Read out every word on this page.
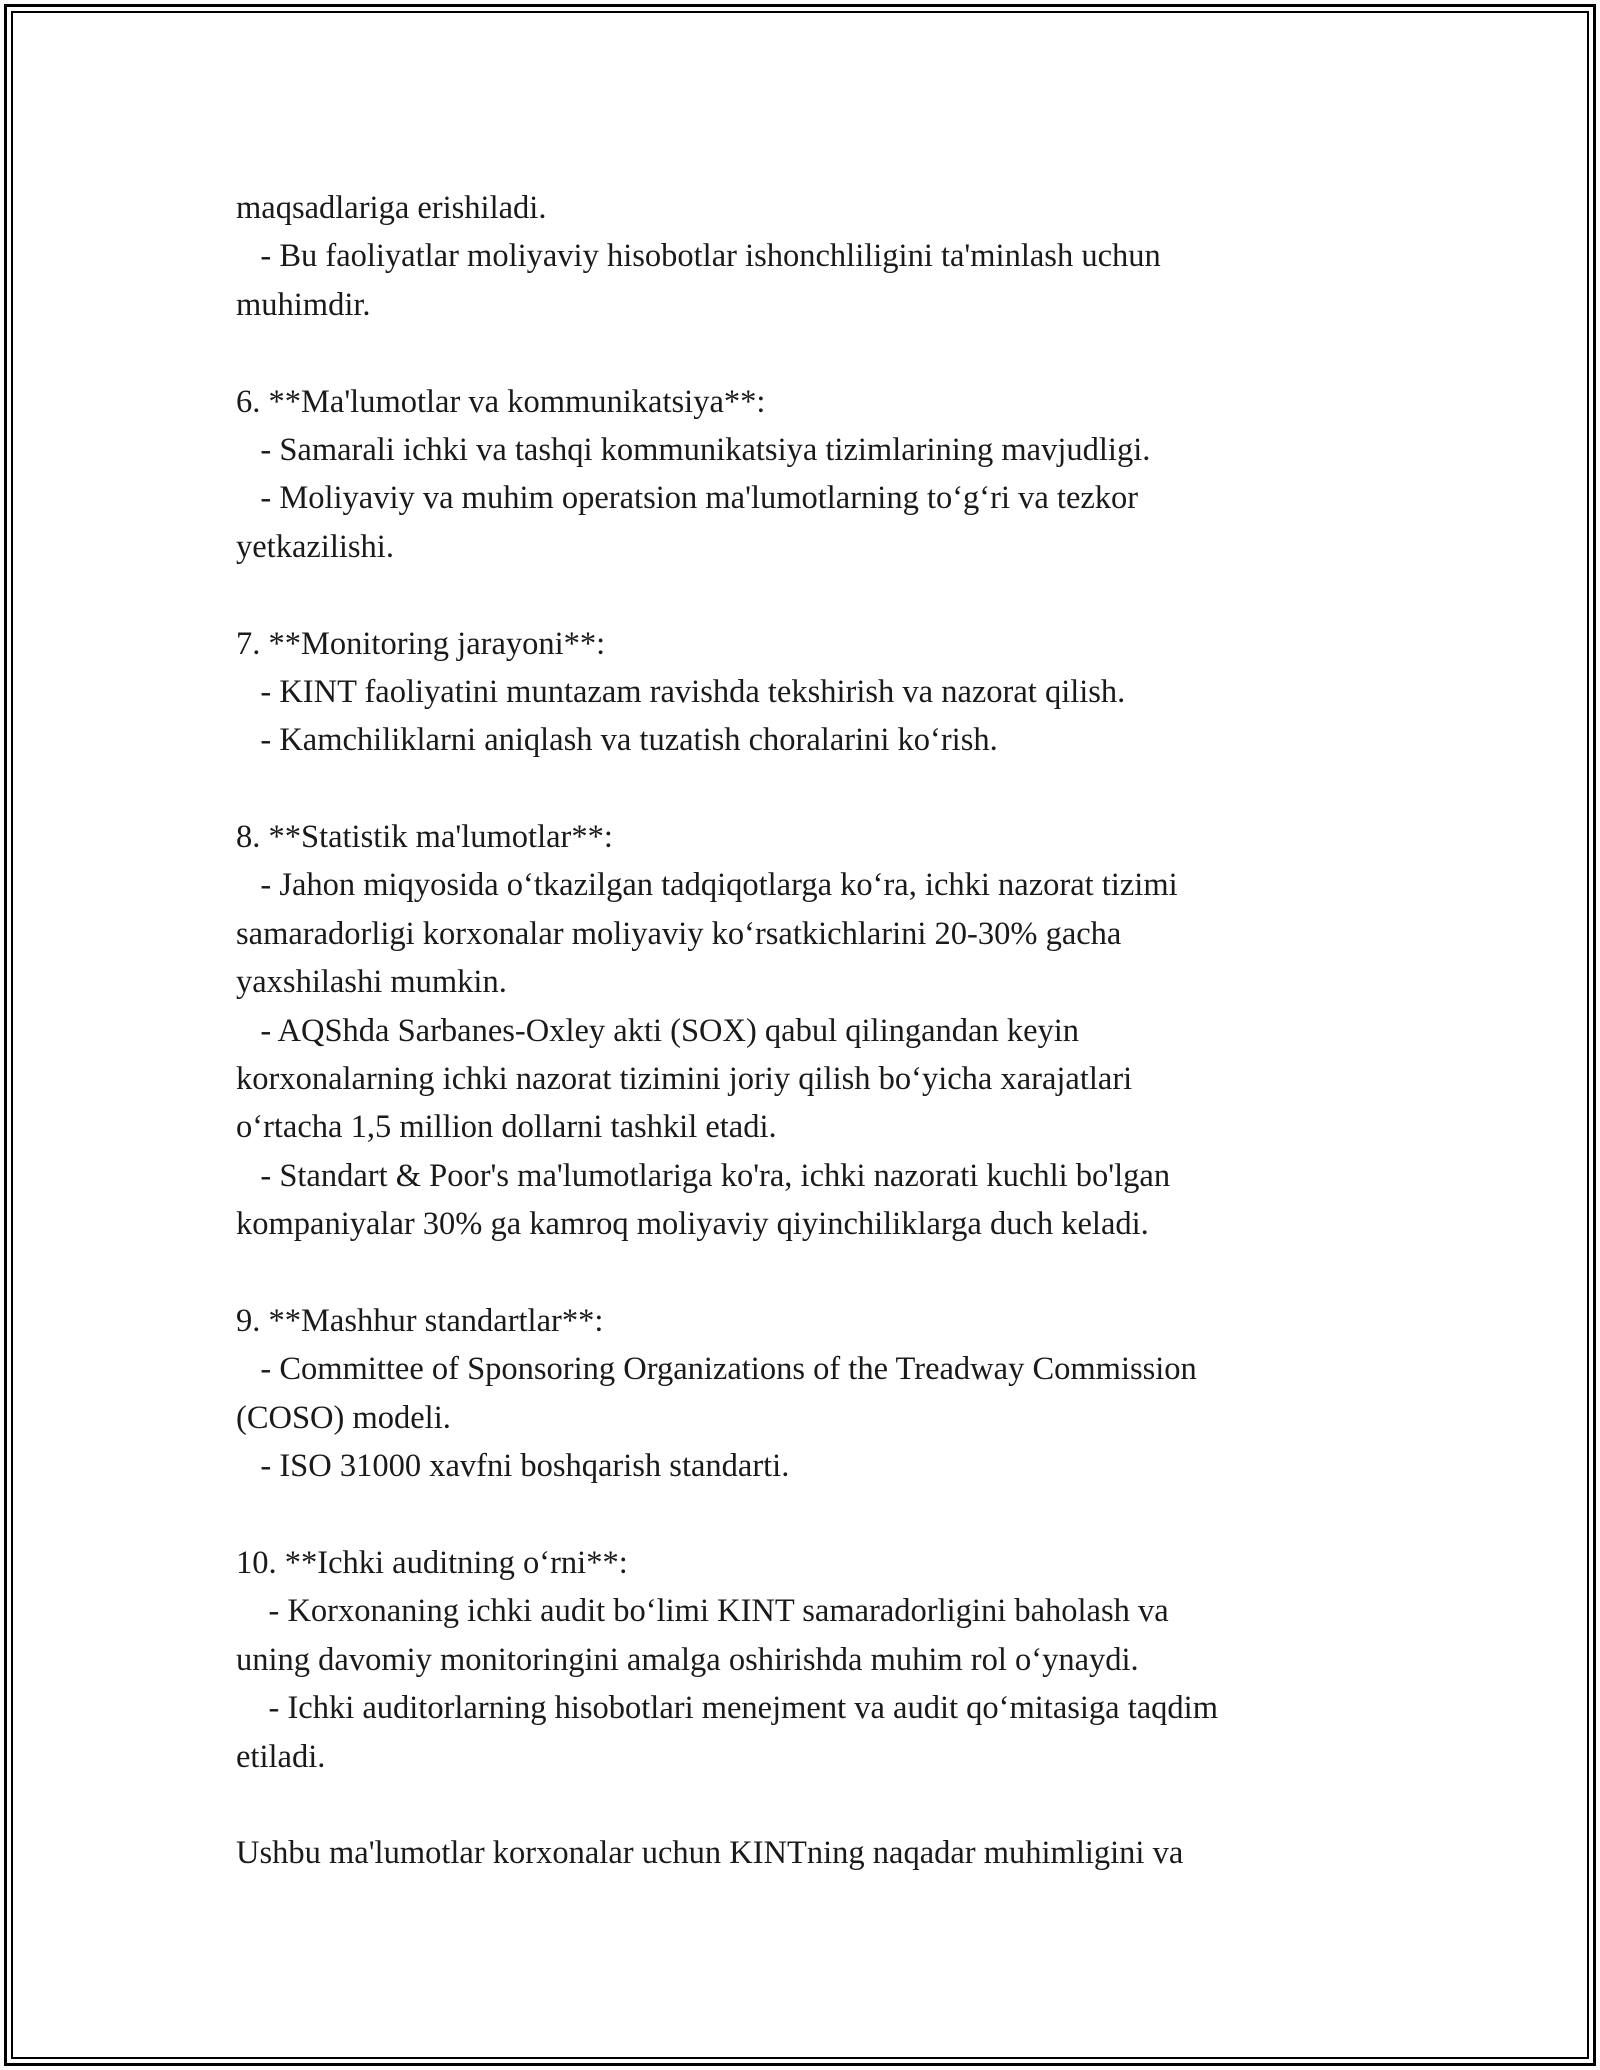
maqsadlariga erishiladi.
- Bu faoliyatlar moliyaviy hisobotlar ishonchliligini ta'minlash uchun
muhimdir.
6. **Ma'lumotlar va kommunikatsiya**:
- Samarali ichki va tashqi kommunikatsiya tizimlarining mavjudligi.
- Moliyaviy va muhim operatsion ma'lumotlarning to‘g‘ri va tezkor
yetkazilishi.
7. **Monitoring jarayoni**:
- KINT faoliyatini muntazam ravishda tekshirish va nazorat qilish.
- Kamchiliklarni aniqlash va tuzatish choralarini ko‘rish.
8. **Statistik ma'lumotlar**:
- Jahon miqyosida o‘tkazilgan tadqiqotlarga ko‘ra, ichki nazorat tizimi
samaradorligi korxonalar moliyaviy ko‘rsatkichlarini 20-30% gacha
yaxshilashi mumkin.
- AQShda Sarbanes-Oxley akti (SOX) qabul qilingandan keyin
korxonalarning ichki nazorat tizimini joriy qilish bo‘yicha xarajatlari
o‘rtacha 1,5 million dollarni tashkil etadi.
- Standart & Poor's ma'lumotlariga ko'ra, ichki nazorati kuchli bo'lgan
kompaniyalar 30% ga kamroq moliyaviy qiyinchiliklarga duch keladi.
9. **Mashhur standartlar**:
- Committee of Sponsoring Organizations of the Treadway Commission
(COSO) modeli.
- ISO 31000 xavfni boshqarish standarti.
10. **Ichki auditning o‘rni**:
- Korxonaning ichki audit bo‘limi KINT samaradorligini baholash va
uning davomiy monitoringini amalga oshirishda muhim rol o‘ynaydi.
- Ichki auditorlarning hisobotlari menejment va audit qo‘mitasiga taqdim
etiladi.
Ushbu ma'lumotlar korxonalar uchun KINTning naqadar muhimligini va
